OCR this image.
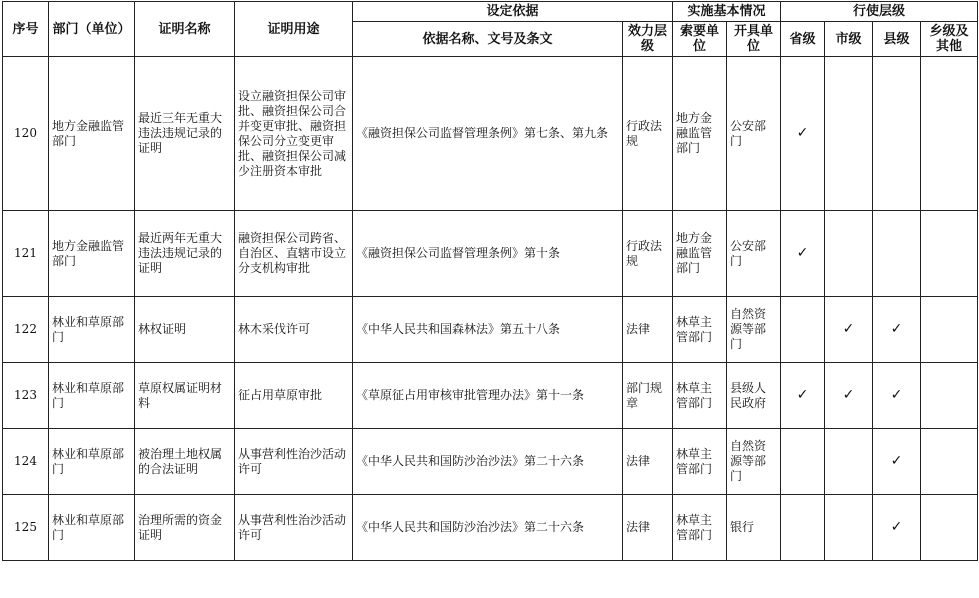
序号	部门（单位）	证明名称	证明用途	设定依据		实施基本情况		行使层级			
				依据名称、文号及条文	效力层级	索要单位	开具单位	省级	市级	县级	乡级及其他
120	地方金融监管部门	最近三年无重大违法违规记录的证明	设立融资担保公司审批、融资担保公司合并变更审批、融资担保公司分立变更审批、融资担保公司减少注册资本审批	《融资担保公司监督管理条例》第七条、第九条	行政法规	地方金融监管部门	公安部门	✓			
121	地方金融监管部门	最近两年无重大违法违规记录的证明	融资担保公司跨省、自治区、直辖市设立分支机构审批	《融资担保公司监督管理条例》第十条	行政法规	地方金融监管部门	公安部门	✓			
122	林业和草原部门	林权证明	林木采伐许可	《中华人民共和国森林法》第五十八条	法律	林草主管部门	自然资源等部门		✓	✓	
123	林业和草原部门	草原权属证明材料	征占用草原审批	《草原征占用审核审批管理办法》第十一条	部门规章	林草主管部门	县级人民政府	✓	✓	✓	
124	林业和草原部门	被治理土地权属的合法证明	从事营利性治沙活动许可	《中华人民共和国防沙治沙法》第二十六条	法律	林草主管部门	自然资源等部门			✓	
125	林业和草原部门	治理所需的资金证明	从事营利性治沙活动许可	《中华人民共和国防沙治沙法》第二十六条	法律	林草主管部门	银行			✓	
